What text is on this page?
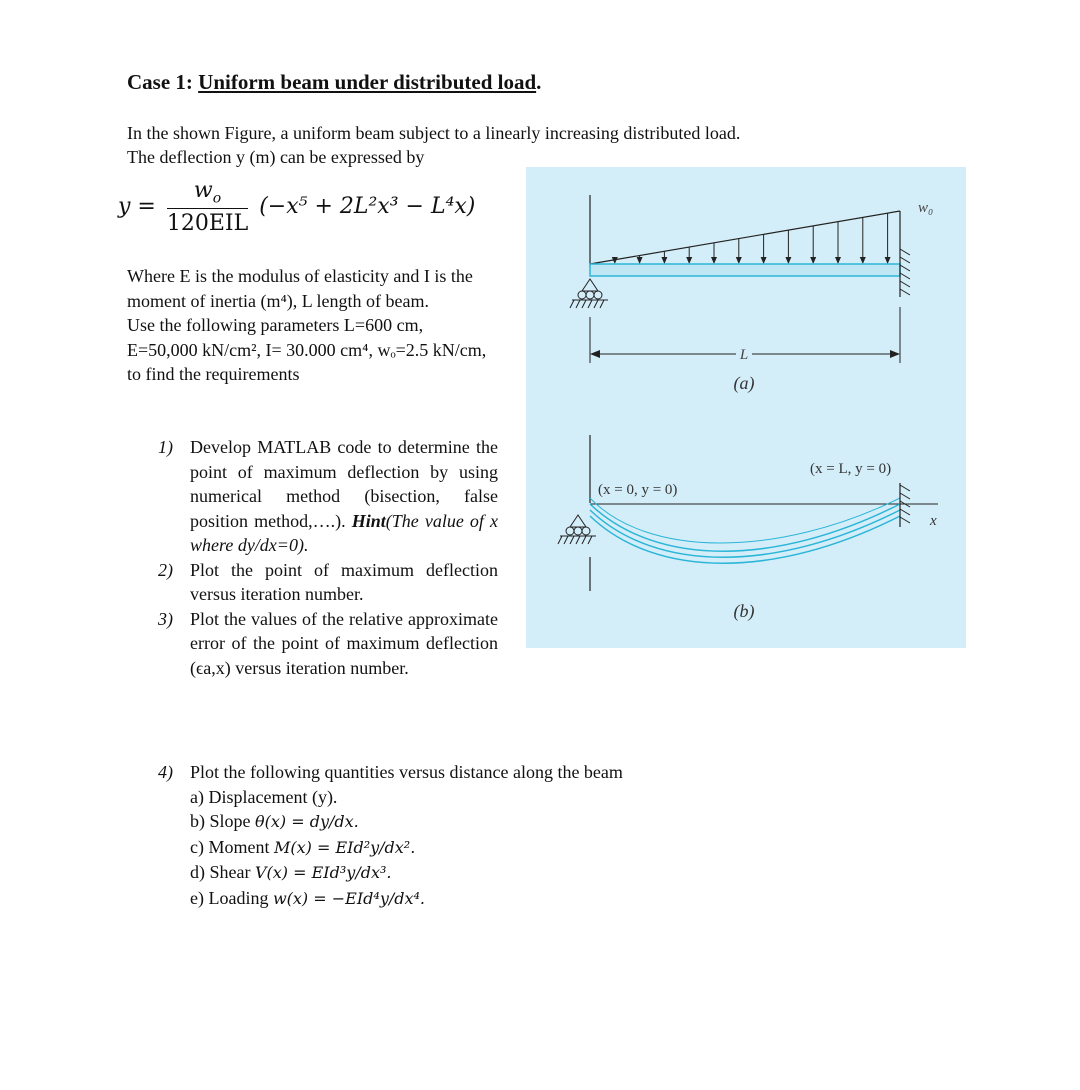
Case 1: Uniform beam under distributed load.
In the shown Figure, a uniform beam subject to a linearly increasing distributed load.
The deflection y (m) can be expressed by
$y = \frac{w_o}{\text{120EIL}} (-x^5 + 2L^2x^3 - L^4x)$

Where E is the modulus of elasticity and I is the moment of inertia (m⁴), L length of beam.

Use the following parameters L=600 cm, E=50,000 kN/cm², I= 30.000 cm⁴, wₒ=2.5 kN/cm, to find the requirements

1) Develop MATLAB code to determine the point of maximum deflection by using numerical method (bisection, false position method,….). Hint(The value of x where dy/dx=0).
2) Plot the point of maximum deflection versus iteration number.
3) Plot the values of the relative approximate error of the point of maximum deflection (ϵa,x) versus iteration number.
4) Plot the following quantities versus distance along the beam
a) Displacement (y).
b) Slope θ(x) = dy/dx.
c) Moment M(x) = EId²y/dx².
d) Shear V(x) = EId³y/dx³.
e) Loading w(x) = −EId⁴y/dx⁴.
w₀
L
(a)
(x = 0, y = 0)
(x = L, y = 0)
x
(b)
